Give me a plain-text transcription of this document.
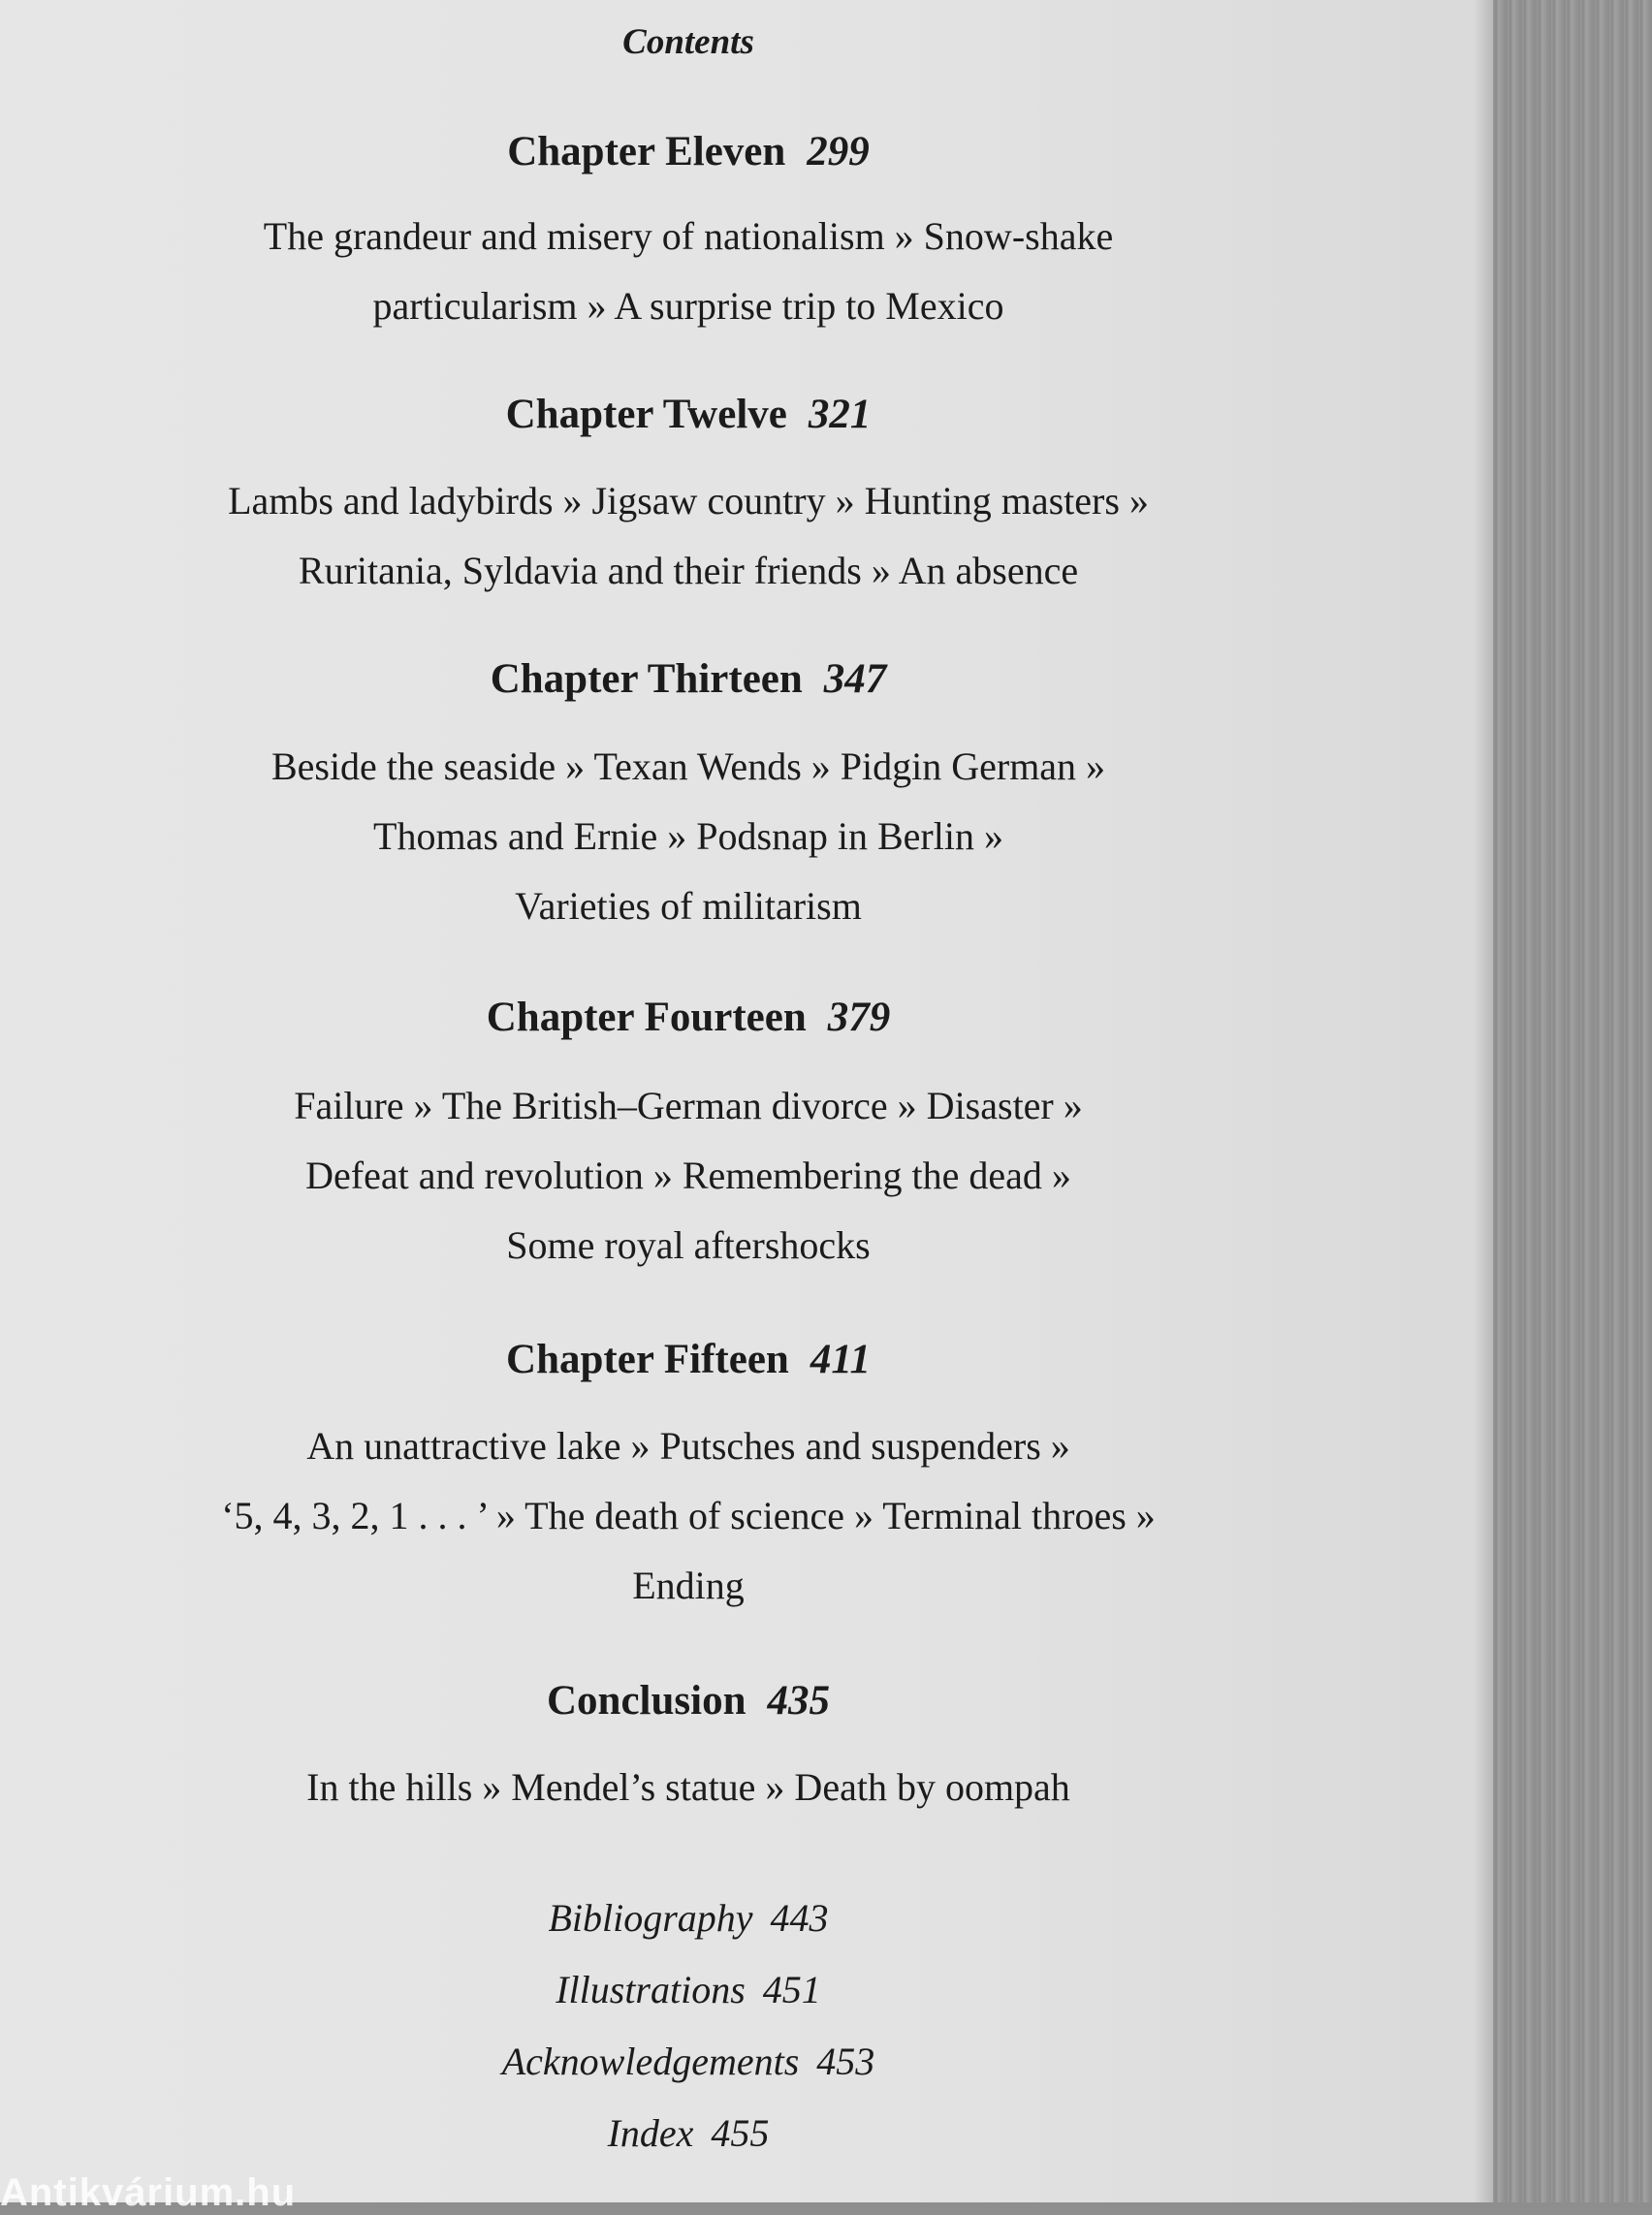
Contents
Chapter Eleven 299
The grandeur and misery of nationalism » Snow-shake
particularism » A surprise trip to Mexico
Chapter Twelve 321
Lambs and ladybirds » Jigsaw country » Hunting masters »
Ruritania, Syldavia and their friends » An absence
Chapter Thirteen 347
Beside the seaside » Texan Wends » Pidgin German »
Thomas and Ernie » Podsnap in Berlin »
Varieties of militarism
Chapter Fourteen 379
Failure » The British–German divorce » Disaster »
Defeat and revolution » Remembering the dead »
Some royal aftershocks
Chapter Fifteen 411
An unattractive lake » Putsches and suspenders »
‘5, 4, 3, 2, 1 . . . ’ » The death of science » Terminal throes »
Ending
Conclusion 435
In the hills » Mendel’s statue » Death by oompah
Bibliography 443
Illustrations 451
Acknowledgements 453
Index 455
Antikvárium.hu
